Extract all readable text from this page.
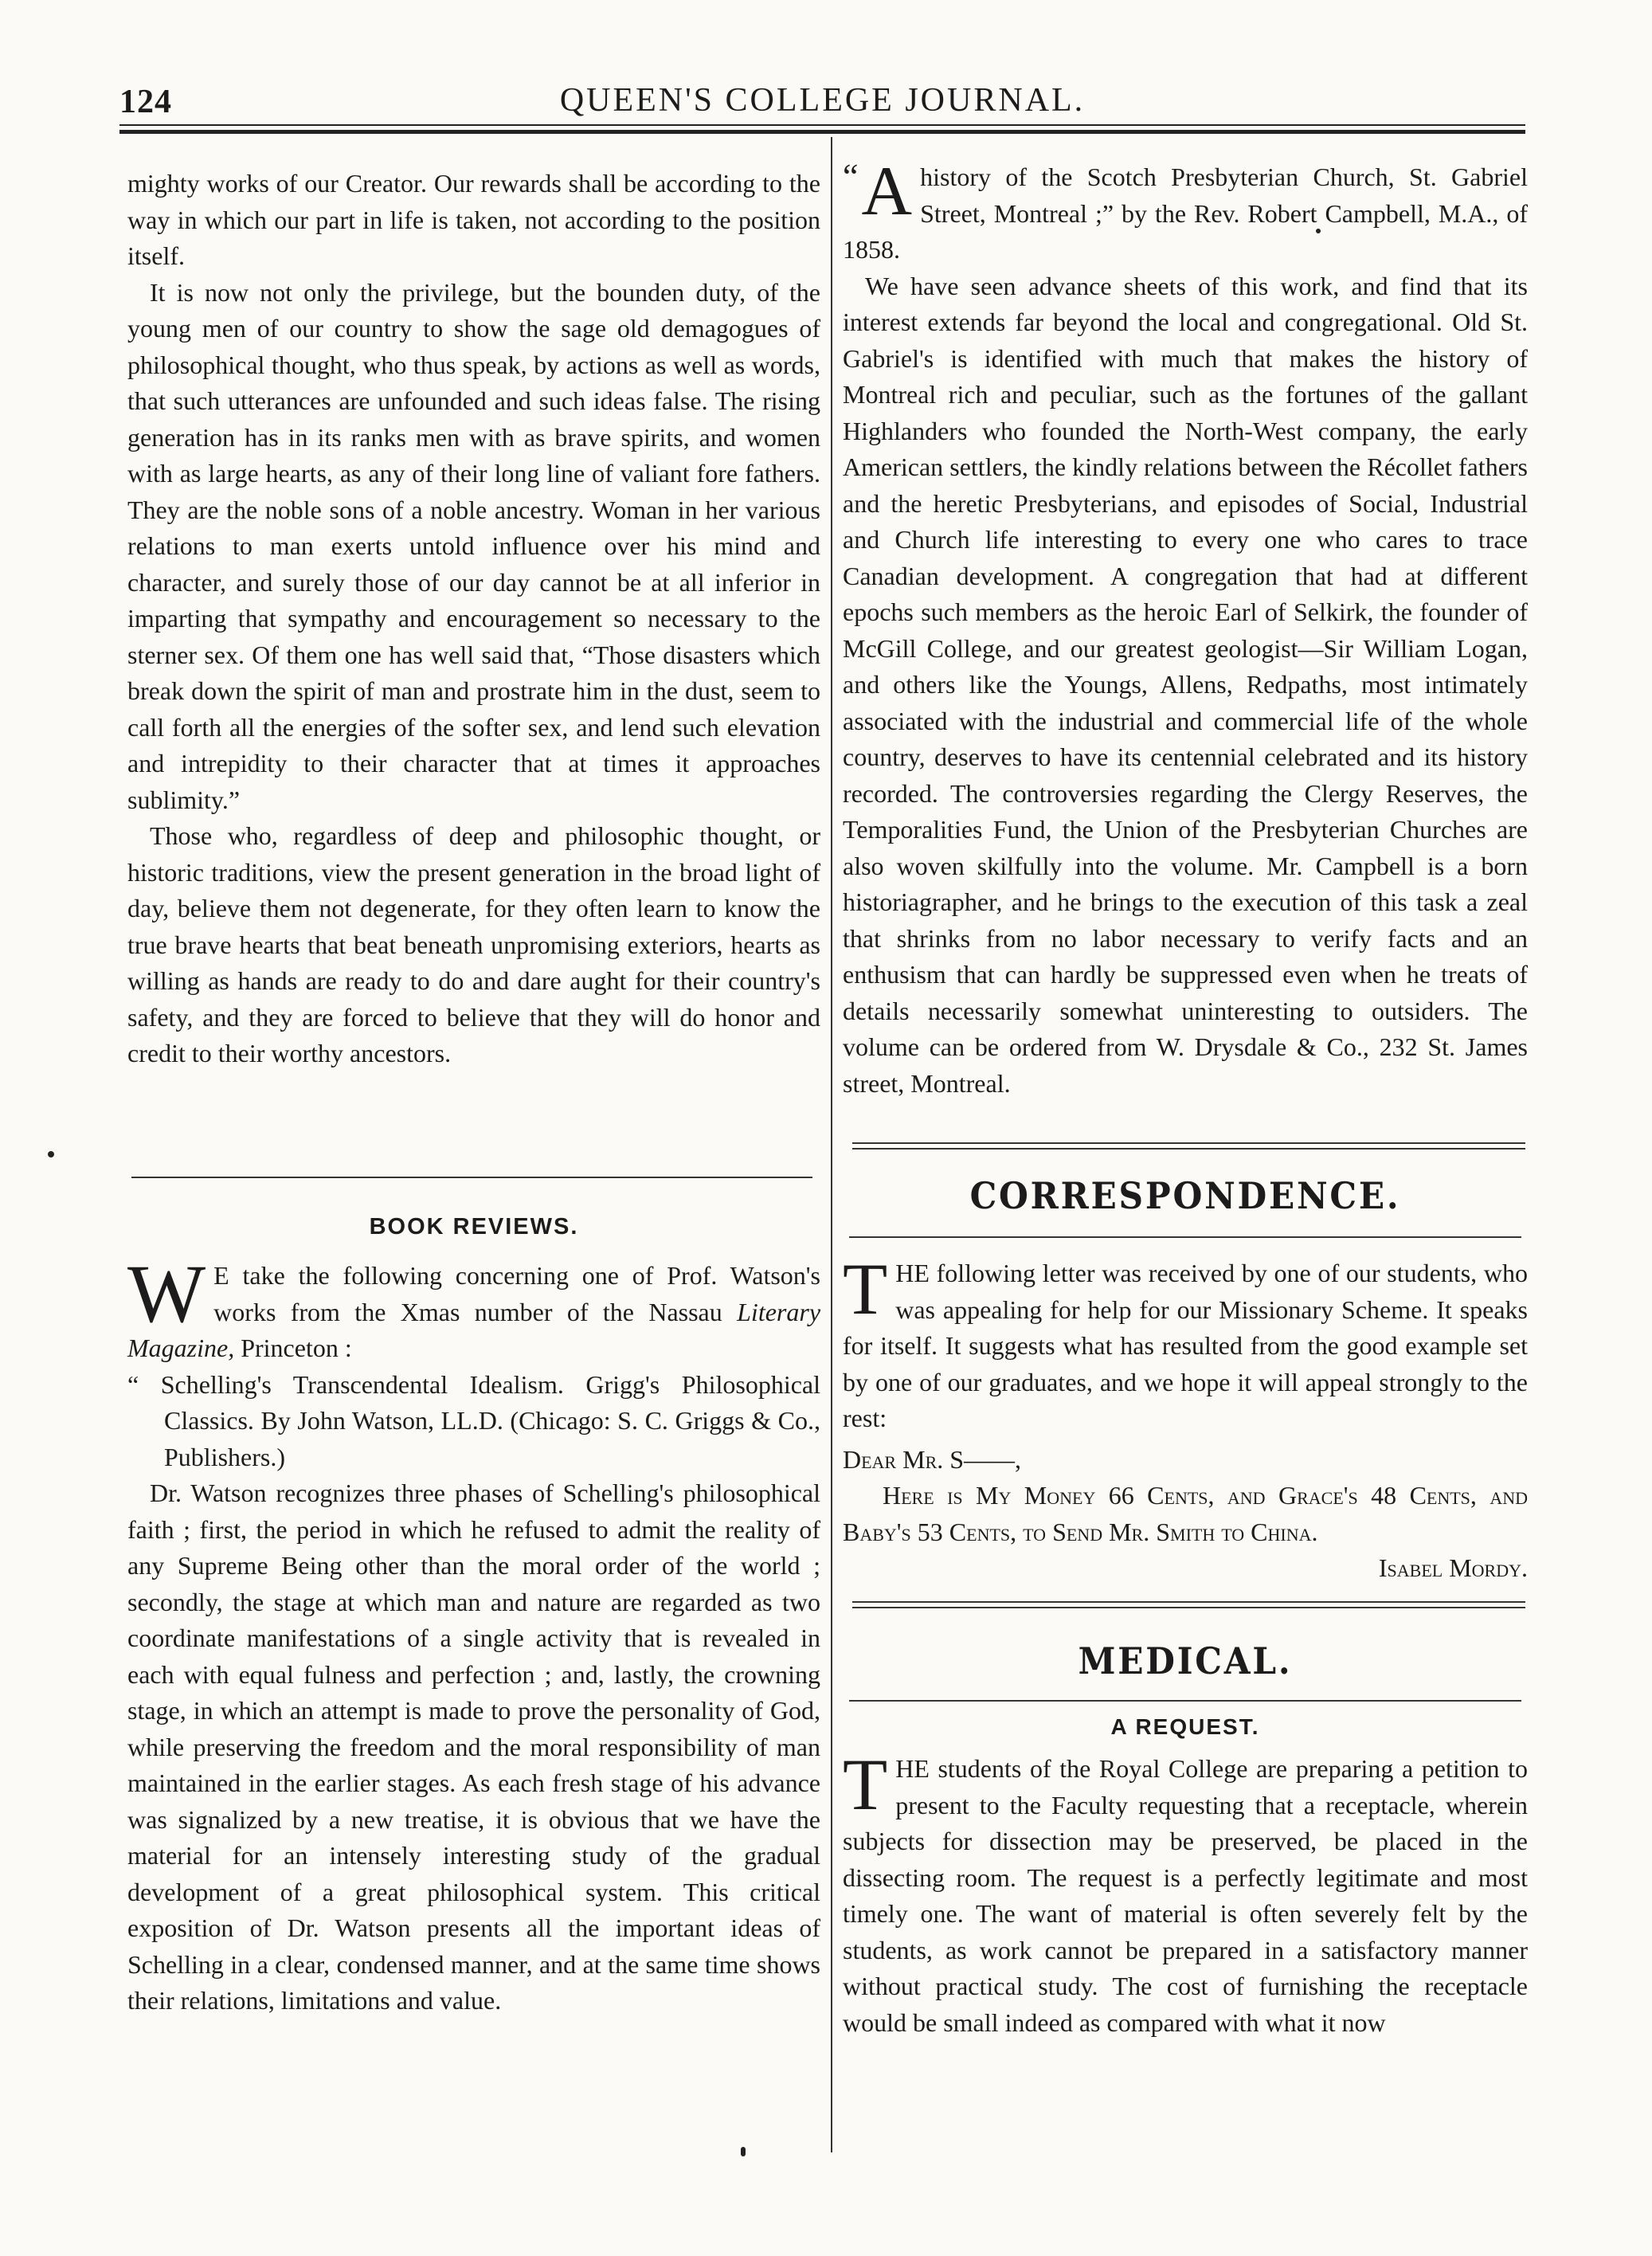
124	QUEEN'S COLLEGE JOURNAL.

mighty works of our Creator. Our rewards shall be according to the way in which our part in life is taken, not according to the position itself.

It is now not only the privilege, but the bounden duty, of the young men of our country to show the sage old demagogues of philosophical thought, who thus speak, by actions as well as words, that such utterances are unfounded and such ideas false. The rising generation has in its ranks men with as brave spirits, and women with as large hearts, as any of their long line of valiant fore fathers. They are the noble sons of a noble ancestry. Woman in her various relations to man exerts untold influence over his mind and character, and surely those of our day cannot be at all inferior in imparting that sympathy and encouragement so necessary to the sterner sex. Of them one has well said that, “Those disasters which break down the spirit of man and prostrate him in the dust, seem to call forth all the energies of the softer sex, and lend such elevation and intrepidity to their character that at times it approaches sublimity.”

Those who, regardless of deep and philosophic thought, or historic traditions, view the present generation in the broad light of day, believe them not degenerate, for they often learn to know the true brave hearts that beat beneath unpromising exteriors, hearts as willing as hands are ready to do and dare aught for their country's safety, and they are forced to believe that they will do honor and credit to their worthy ancestors.

BOOK REVIEWS.

W E take the following concerning one of Prof. Watson's works from the Xmas number of the Nassau Literary Magazine, Princeton :

“ Schelling's Transcendental Idealism. Grigg's Philosophical Classics. By John Watson, LL.D. (Chicago: S. C. Griggs & Co., Publishers.)

Dr. Watson recognizes three phases of Schelling's philosophical faith ; first, the period in which he refused to admit the reality of any Supreme Being other than the moral order of the world ; secondly, the stage at which man and nature are regarded as two coordinate manifestations of a single activity that is revealed in each with equal fulness and perfection ; and, lastly, the crowning stage, in which an attempt is made to prove the personality of God, while preserving the freedom and the moral responsibility of man maintained in the earlier stages. As each fresh stage of his advance was signalized by a new treatise, it is obvious that we have the material for an intensely interesting study of the gradual development of a great philosophical system. This critical exposition of Dr. Watson presents all the important ideas of Schelling in a clear, condensed manner, and at the same time shows their relations, limitations and value.

“ A history of the Scotch Presbyterian Church, St. Gabriel Street, Montreal ;” by the Rev. Robert Campbell, M.A., of 1858.

We have seen advance sheets of this work, and find that its interest extends far beyond the local and congregational. Old St. Gabriel's is identified with much that makes the history of Montreal rich and peculiar, such as the fortunes of the gallant Highlanders who founded the North-West company, the early American settlers, the kindly relations between the Récollet fathers and the heretic Presbyterians, and episodes of Social, Industrial and Church life interesting to every one who cares to trace Canadian development. A congregation that had at different epochs such members as the heroic Earl of Selkirk, the founder of McGill College, and our greatest geologist—Sir William Logan, and others like the Youngs, Allens, Redpaths, most intimately associated with the industrial and commercial life of the whole country, deserves to have its centennial celebrated and its history recorded. The controversies regarding the Clergy Reserves, the Temporalities Fund, the Union of the Presbyterian Churches are also woven skilfully into the volume. Mr. Campbell is a born historiagrapher, and he brings to the execution of this task a zeal that shrinks from no labor necessary to verify facts and an enthusism that can hardly be suppressed even when he treats of details necessarily somewhat uninteresting to outsiders. The volume can be ordered from W. Drysdale & Co., 232 St. James street, Montreal.

CORRESPONDENCE.

THE following letter was received by one of our students, who was appealing for help for our Missionary Scheme. It speaks for itself. It suggests what has resulted from the good example set by one of our graduates, and we hope it will appeal strongly to the rest:

Dear Mr. S——,

Here is My Money 66 Cents, and Grace's 48 Cents, and Baby's 53 Cents, to Send Mr. Smith to China.

Isabel Mordy.

MEDICAL.
A REQUEST.

THE students of the Royal College are preparing a petition to present to the Faculty requesting that a receptacle, wherein subjects for dissection may be preserved, be placed in the dissecting room. The request is a perfectly legitimate and most timely one. The want of material is often severely felt by the students, as work cannot be prepared in a satisfactory manner without practical study. The cost of furnishing the receptacle would be small indeed as compared with what it now
